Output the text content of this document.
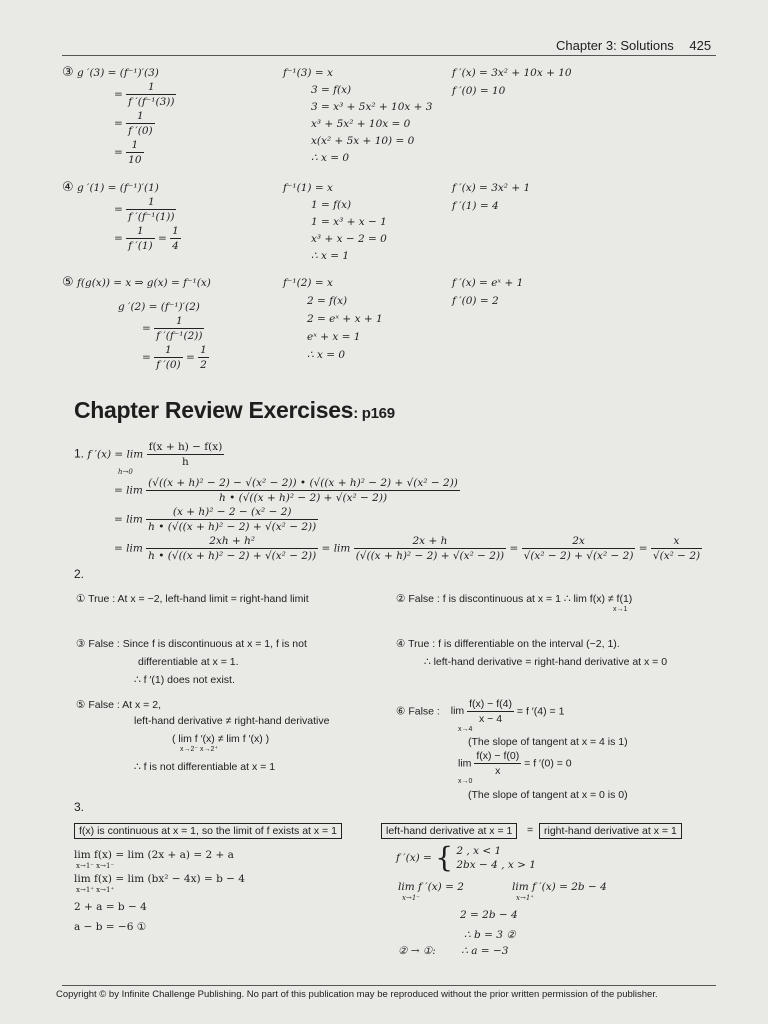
Chapter 3: Solutions 425
③ g ′(3) = (f⁻¹)′(3)
= $\frac{1}{\text{f ′(f⁻¹(3))}}$
= $\frac{1}{f '(0)}$
= $\frac{1}{10}$
f⁻¹(3) = x
3 = f(x)
3 = x³ + 5x² + 10x + 3
x³ + 5x² + 10x = 0
x(x² + 5x + 10) = 0
∴ x = 0
f ′(x) = 3x² + 10x + 10
f ′(0) = 10
④ g ′(1) = (f⁻¹)′(1)
= $\frac{1}{\text{f ′(f⁻¹(1))}}$
= $\frac{1}{f '(1)} = \frac{1}{4}$
f⁻¹(1) = x
1 = f(x)
1 = x³ + x − 1
x³ + x − 2 = 0
∴ x = 1
f ′(x) = 3x² + 1
f ′(1) = 4
⑤ f(g(x)) = x ⇒ g(x) = f⁻¹(x)
g ′(2) = (f⁻¹)′(2)
= $\frac{1}{\text{f ′(f⁻¹(2))}}$
= $\frac{1}{f '(0)} = \frac{1}{2}$
f⁻¹(2) = x
2 = f(x)
2 = eˣ + x + 1
eˣ + x = 1
∴ x = 0
f ′(x) = eˣ + 1
f ′(0) = 2
Chapter Review Exercises: p169
1. f $'(x) = \lim \frac{f(x + h) - f(x)}{h}$
h→0
= lim
(√((x + h)² − 2) − √(x² − 2)) • (√((x + h)² − 2) + √(x² − 2))
h • (√((x + h)² − 2) + √(x² − 2))
= $\lim \frac{\text{(x + h)² − 2 − (x² − 2)}}{\text{h • (√((x + h)² − 2) + √(x² − 2))}}$
= $\lim \frac{\text{2xh + h²}}{\text{h • (√((x + h)² − 2) + √(x² − 2))}} = \lim \frac{2x + h}{\text{(√((x + h)² − 2) + √(x² − 2))}} = \frac{2x}{\text{√(x² − 2) + √(x² − 2)}} = \frac{x}{\text{√(x² − 2)}}$
2.
① True : At x = −2, left-hand limit = right-hand limit	② False : f is discontinuous at x = 1 ∴ lim f(x) ≠ f(1)
x→1
③ False : Since f is discontinuous at x = 1, f is not
differentiable at x = 1.
∴ f ′(1) does not exist.
④ True : f is differentiable on the interval (−2, 1).
∴ left-hand derivative = right-hand derivative at x = 0
⑤ False : At x = 2,
left-hand derivative ≠ right-hand derivative
( lim f ′(x) ≠ lim f ′(x) )
x→2⁻ x→2⁺
∴ f is not differentiable at x = 1
⑥ False : $\lim \frac{f(x) - f(4)}{x - 4} = f$ ′(4) = 1
x→4
(The slope of tangent at x = 4 is 1)
$\lim \frac{f(x) - f(0)}{x} = f$ ′(0) = 0
x→0
(The slope of tangent at x = 0 is 0)
3.
f(x) is continuous at x = 1, so the limit of f exists at x = 1	left-hand derivative at x = 1	=	right-hand derivative at x = 1
lim f(x) = lim (2x + a) = 2 + a
x→1⁻ x→1⁻
lim f(x) = lim (bx² − 4x) = b − 4
x→1⁺ x→1⁺
2 + a = b − 4
a − b = −6 ①
f ′(x) = { 2 , x < 1
2bx − 4 , x > 1
lim f ′(x) = 2
x→1⁻
lim f ′(x) = 2b − 4
x→1⁺
2 = 2b − 4
∴ b = 3 ②
② → ①: ∴ a = −3
Copyright © by Infinite Challenge Publishing. No part of this publication may be reproduced without the prior written permission of the publisher.
